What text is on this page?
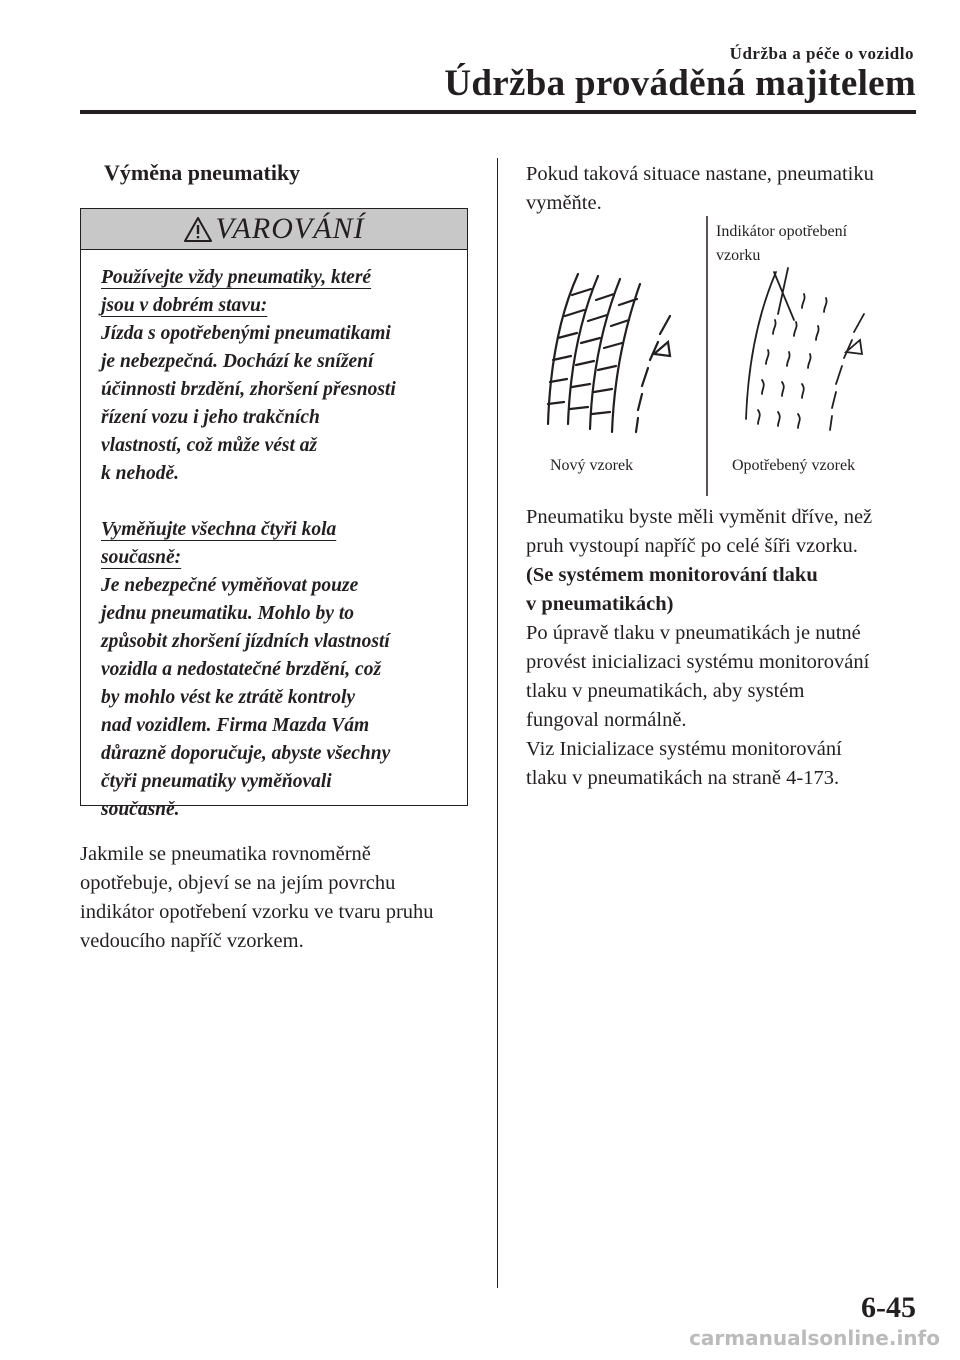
Údržba a péče o vozidlo
Údržba prováděná majitelem
Výměna pneumatiky
VAROVÁNÍ

Používejte vždy pneumatiky, které

jsou v dobrém stavu:

Jízda s opotřebenými pneumatikami

je nebezpečná. Dochází ke snížení

účinnosti brzdění, zhoršení přesnosti

řízení vozu i jeho trakčních

vlastností, což může vést až

k nehodě.

Vyměňujte všechna čtyři kola

současně:

Je nebezpečné vyměňovat pouze

jednu pneumatiku. Mohlo by to

způsobit zhoršení jízdních vlastností

vozidla a nedostatečné brzdění, což

by mohlo vést ke ztrátě kontroly

nad vozidlem. Firma Mazda Vám

důrazně doporučuje, abyste všechny

čtyři pneumatiky vyměňovali

současně.

Jakmile se pneumatika rovnoměrně
opotřebuje, objeví se na jejím povrchu
indikátor opotřebení vzorku ve tvaru pruhu
vedoucího napříč vzorkem.
Pokud taková situace nastane, pneumatiku
vyměňte.
Indikátor opotřebení
vzorku
Nový vzorek	Opotřebený vzorek

Pneumatiku byste měli vyměnit dříve, než

pruh vystoupí napříč po celé šíři vzorku.

(Se systémem monitorování tlaku

v pneumatikách)

Po úpravě tlaku v pneumatikách je nutné

provést inicializaci systému monitorování

tlaku v pneumatikách, aby systém

fungoval normálně.

Viz Inicializace systému monitorování

tlaku v pneumatikách na straně 4-173.

6-45
carmanualsonline.info
